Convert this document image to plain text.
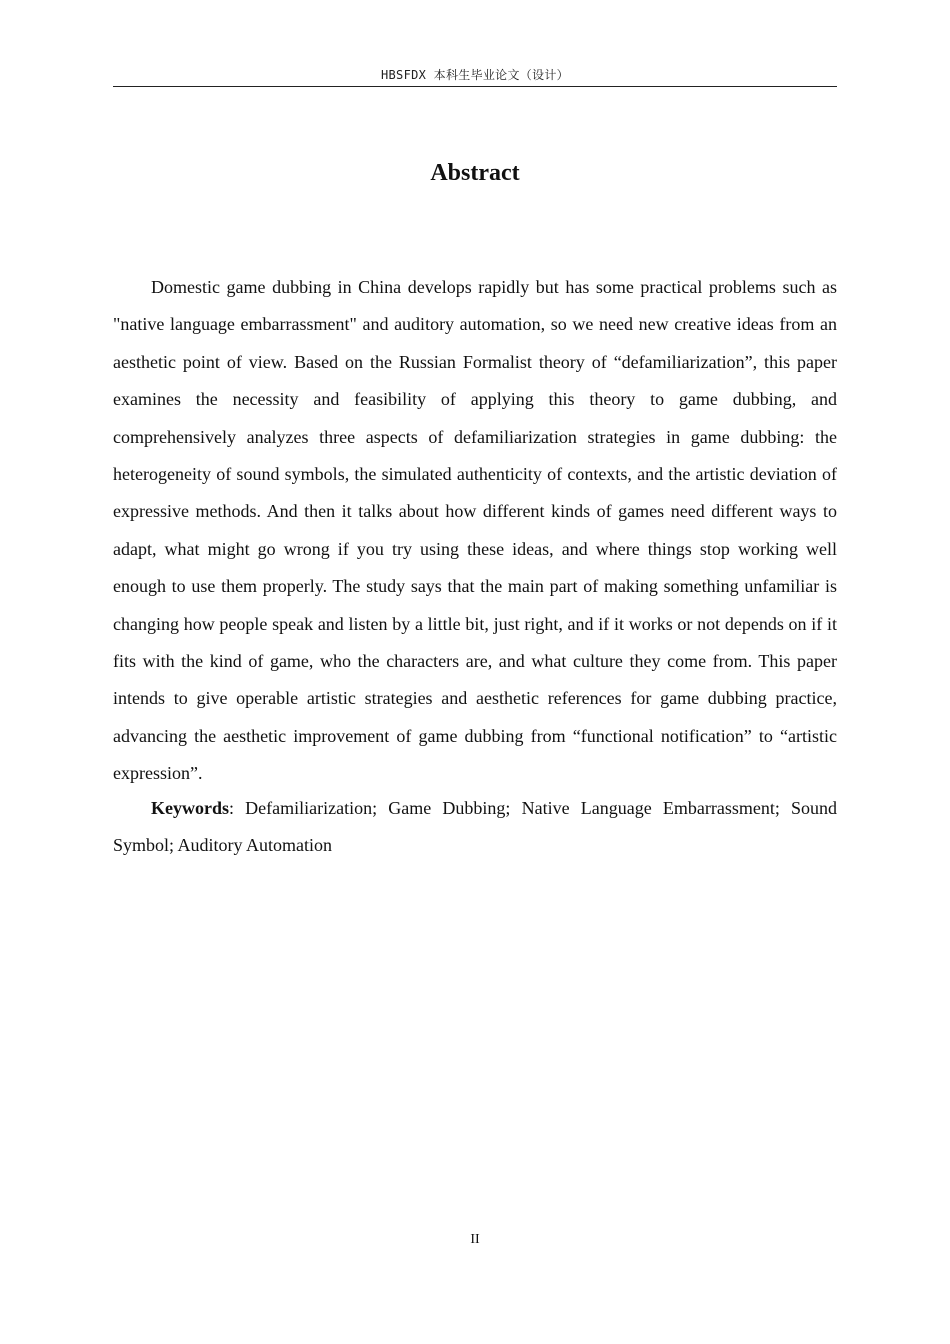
HBSFDX 本科生毕业论文（设计）
Abstract

Domestic game dubbing in China develops rapidly but has some practical problems such as "native language embarrassment" and auditory automation, so we need new creative ideas from an aesthetic point of view. Based on the Russian Formalist theory of “defamiliarization”, this paper examines the necessity and feasibility of applying this theory to game dubbing, and comprehensively analyzes three aspects of defamiliarization strategies in game dubbing: the heterogeneity of sound symbols, the simulated authenticity of contexts, and the artistic deviation of expressive methods. And then it talks about how different kinds of games need different ways to adapt, what might go wrong if you try using these ideas, and where things stop working well enough to use them properly. The study says that the main part of making something unfamiliar is changing how people speak and listen by a little bit, just right, and if it works or not depends on if it fits with the kind of game, who the characters are, and what culture they come from. This paper intends to give operable artistic strategies and aesthetic references for game dubbing practice, advancing the aesthetic improvement of game dubbing from “functional notification” to “artistic expression”.

Keywords: Defamiliarization; Game Dubbing; Native Language Embarrassment; Sound Symbol; Auditory Automation

II
